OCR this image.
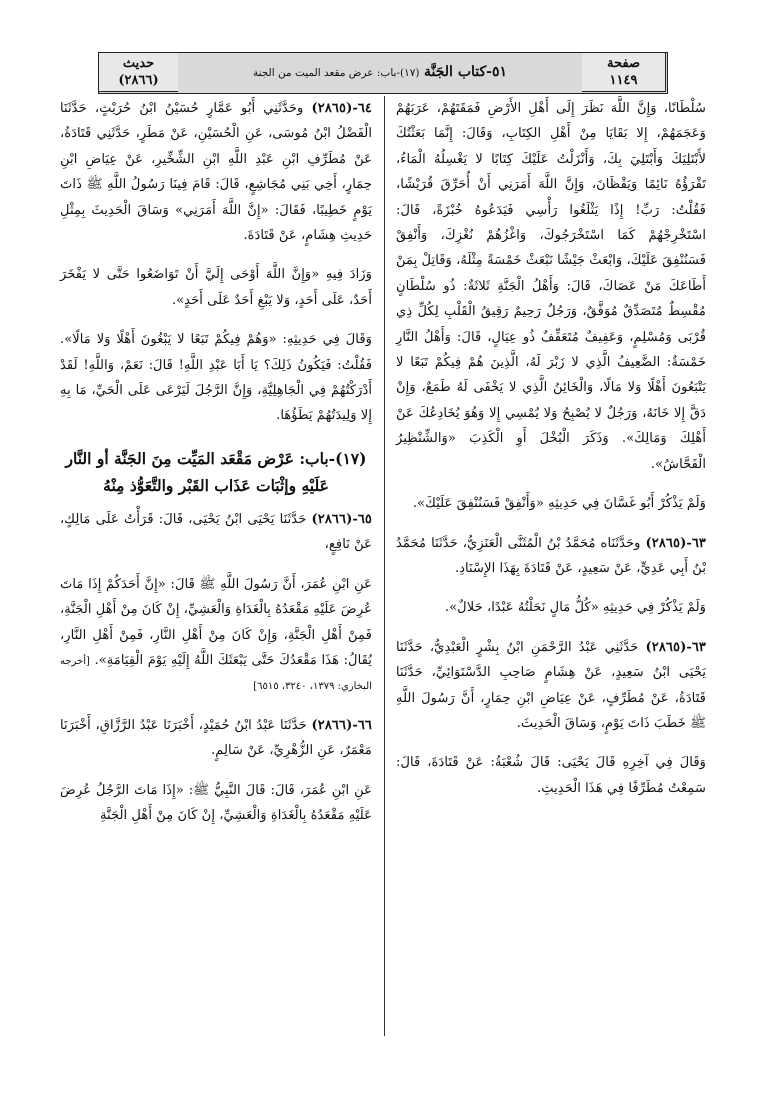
صفحة
١١٤٩
حديث
(٢٨٦٦)
٥١-كتاب الجَنَّة (١٧)-باب: عرض مقعد الميت من الجنة

سُلْطَانًا، وَإِنَّ اللَّهَ نَظَرَ إِلَى أَهْلِ الأَرْضِ فَمَقَتَهُمْ، عَرَبَهُمْ وَعَجَمَهُمْ، إِلا بَقَايَا مِنْ أَهْلِ الكِتَابِ، وَقَالَ: إِنَّمَا بَعَثْتُكَ لأَبْتَلِيَكَ وَأَبْتَلِيَ بِكَ، وَأَنْزَلْتُ عَلَيْكَ كِتَابًا لا يَغْسِلُهُ الْمَاءُ، تَقْرَؤُهُ نَائِمًا وَيَقْظَانَ، وَإِنَّ اللَّهَ أَمَرَنِي أَنْ أُحَرِّقَ قُرَيْشًا، فَقُلْتُ: رَبِّ! إِذًا يَثْلَغُوا رَأْسِي فَيَدَعُوهُ خُبْزَةً، قَالَ: اسْتَخْرِجْهُمْ كَمَا اسْتَخْرَجُوكَ، وَاغْزُهُمْ نُغْزِكَ، وَأَنْفِقْ فَسَنُنْفِقَ عَلَيْكَ، وَابْعَثْ جَيْشًا نَبْعَثْ خَمْسَةً مِثْلَهُ، وَقَاتِلْ بِمَنْ أَطَاعَكَ مَنْ عَصَاكَ، قَالَ: وَأَهْلُ الْجَنَّةِ ثَلاثَةٌ: ذُو سُلْطَانٍ مُقْسِطٌ مُتَصَدِّقٌ مُوَفَّقٌ، وَرَجُلٌ رَحِيمٌ رَقِيقُ الْقَلْبِ لِكُلِّ ذِي قُرْبَى وَمُسْلِمٍ، وَعَفِيفٌ مُتَعَفِّفٌ ذُو عِيَالٍ، قَالَ: وَأَهْلُ النَّارِ خَمْسَةٌ: الضَّعِيفُ الَّذِي لا زَبْرَ لَهُ، الَّذِينَ هُمْ فِيكُمْ تَبَعًا لا يَتْبَعُونَ أَهْلًا وَلا مَالًا، وَالْخَائِنُ الَّذِي لا يَخْفَى لَهُ طَمَعٌ، وَإِنْ دَقَّ إِلا خَانَهُ، وَرَجُلٌ لا يُصْبِحُ وَلا يُمْسِي إِلا وَهُوَ يُخَادِعُكَ عَنْ أَهْلِكَ وَمَالِكَ». وَذَكَرَ الْبُخْلَ أَوِ الْكَذِبَ «وَالشِّنْظِيرُ الْفَحَّاشُ».

وَلَمْ يَذْكُرْ أَبُو غَسَّانَ فِي حَدِيثِهِ «وَأَنْفِقْ فَسَنُنْفِقَ عَلَيْكَ».

٦٣-(٢٨٦٥) وحَدَّثَنَاه مُحَمَّدُ بْنُ الْمُثَنَّى الْعَنَزِيُّ، حَدَّثَنَا مُحَمَّدُ بْنُ أَبِي عَدِيٍّ، عَنْ سَعِيدٍ، عَنْ قَتَادَةَ بِهَذَا الإِسْنَادِ.

وَلَمْ يَذْكُرْ فِي حَدِيثِهِ «كُلُّ مَالٍ نَحَلْتُهُ عَبْدًا، حَلالٌ».

٦٣-(٢٨٦٥) حَدَّثَنِي عَبْدُ الرَّحْمَنِ ابْنُ بِشْرٍ الْعَبْدِيُّ، حَدَّثَنَا يَحْيَى ابْنُ سَعِيدٍ، عَنْ هِشَامٍ صَاحِبِ الدَّسْتَوَائِيِّ، حَدَّثَنَا قَتَادَةُ، عَنْ مُطَرِّفٍ، عَنْ عِيَاضِ ابْنِ حِمَارٍ، أَنَّ رَسُولَ اللَّهِ ﷺ خَطَبَ ذَاتَ يَوْمٍ، وَسَاقَ الْحَدِيثَ.

وَقَالَ فِي آخِرِهِ قَالَ يَحْيَى: قَالَ شُعْبَةُ: عَنْ قَتَادَةَ، قَالَ: سَمِعْتُ مُطَرِّفًا فِي هَذَا الْحَدِيثِ.

٦٤-(٢٨٦٥) وحَدَّثَنِي أَبُو عَمَّارٍ حُسَيْنُ ابْنُ حُرَيْثٍ، حَدَّثَنَا الْفَضْلُ ابْنُ مُوسَى، عَنِ الْحُسَيْنِ، عَنْ مَطَرٍ، حَدَّثَنِي قَتَادَةُ، عَنْ مُطَرِّفِ ابْنِ عَبْدِ اللَّهِ ابْنِ الشِّخِّيرِ، عَنْ عِيَاضِ ابْنِ حِمَارٍ، أَخِي بَنِي مُجَاشِعٍ، قَالَ: قَامَ فِينَا رَسُولُ اللَّهِ ﷺ ذَاتَ يَوْمٍ خَطِيبًا، فَقَالَ: «إِنَّ اللَّهَ أَمَرَنِي» وَسَاقَ الْحَدِيثَ بِمِثْلِ حَدِيثِ هِشَامٍ، عَنْ قَتَادَةَ.

وَزَادَ فِيهِ «وَإِنَّ اللَّهَ أَوْحَى إِلَيَّ أَنْ تَوَاضَعُوا حَتَّى لا يَفْخَرَ أَحَدٌ، عَلَى أَحَدٍ، وَلا يَبْغِ أَحَدٌ عَلَى أَحَدٍ».

وَقَالَ فِي حَدِيثِهِ: «وَهُمْ فِيكُمْ تَبَعًا لا يَبْغُونَ أَهْلًا وَلا مَالًا». فَقُلْتُ: فَيَكُونُ ذَلِكَ؟ يَا أَبَا عَبْدِ اللَّهِ! قَالَ: نَعَمْ، وَاللَّهِ! لَقَدْ أَدْرَكْتُهُمْ فِي الْجَاهِلِيَّةِ، وَإِنَّ الرَّجُلَ لَيَرْعَى عَلَى الْحَيِّ، مَا بِهِ إِلا وَلِيدَتُهُمْ يَطَؤُهَا.

(١٧)-باب: عَرْض مَقْعَد المَيِّت مِنَ الجَنَّة أو النَّار عَلَيْهِ وإثْبَات عَذَاب القَبْر والتَّعَوُّذ مِنْهُ

٦٥-(٢٨٦٦) حَدَّثَنَا يَحْيَى ابْنُ يَحْيَى، قَالَ: قَرَأْتُ عَلَى مَالِكٍ، عَنْ نَافِعٍ،

عَنِ ابْنِ عُمَرَ، أَنَّ رَسُولَ اللَّهِ ﷺ قَالَ: «إِنَّ أَحَدَكُمْ إِذَا مَاتَ عُرِضَ عَلَيْهِ مَقْعَدُهُ بِالْغَدَاةِ وَالْعَشِيِّ، إِنْ كَانَ مِنْ أَهْلِ الْجَنَّةِ، فَمِنْ أَهْلِ الْجَنَّةِ، وَإِنْ كَانَ مِنْ أَهْلِ النَّارِ، فَمِنْ أَهْلِ النَّارِ، يُقَالُ: هَذَا مَقْعَدُكَ حَتَّى يَبْعَثَكَ اللَّهُ إِلَيْهِ يَوْمَ الْقِيَامَةِ». [أخرجه البخاري: ١٣٧٩، ٣٢٤٠، ٦٥١٥]

٦٦-(٢٨٦٦) حَدَّثَنَا عَبْدُ ابْنُ حُمَيْدٍ، أَخْبَرَنَا عَبْدُ الرَّزَّاقِ، أَخْبَرَنَا مَعْمَرٌ، عَنِ الزُّهْرِيِّ، عَنْ سَالِمٍ.

عَنِ ابْنِ عُمَرَ، قَالَ: قَالَ النَّبِيُّ ﷺ: «إِذَا مَاتَ الرَّجُلُ عُرِضَ عَلَيْهِ مَقْعَدُهُ بِالْغَدَاةِ وَالْعَشِيِّ، إِنْ كَانَ مِنْ أَهْلِ الْجَنَّةِ
